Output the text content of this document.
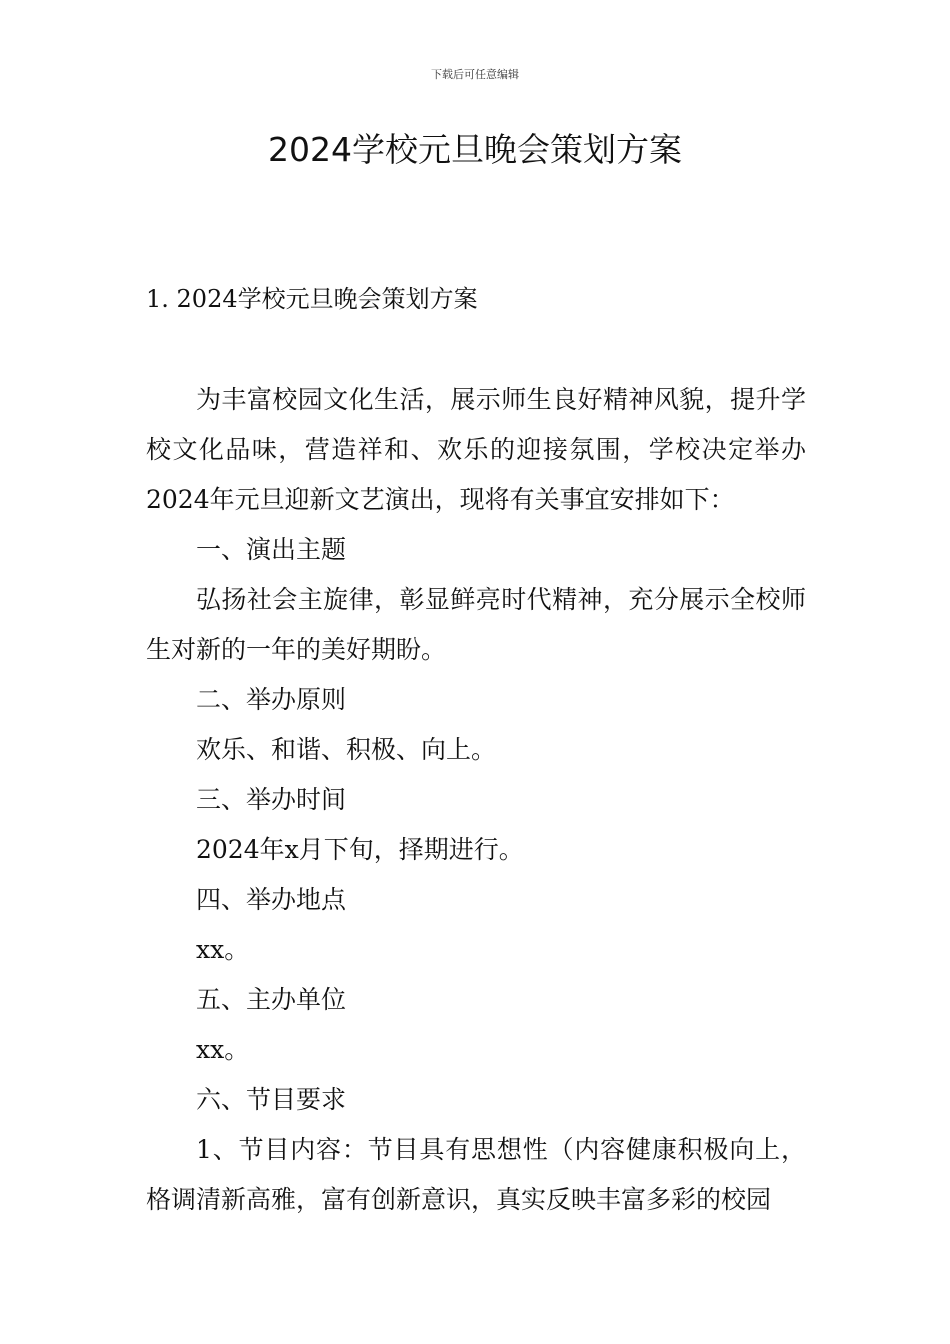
下载后可任意编辑
2024学校元旦晚会策划方案
1. 2024学校元旦晚会策划方案

为丰富校园文化生活，展示师生良好精神风貌，提升学校文化品味，营造祥和、欢乐的迎接氛围，学校决定举办2024年元旦迎新文艺演出，现将有关事宜安排如下：

一、演出主题

弘扬社会主旋律，彰显鲜亮时代精神，充分展示全校师生对新的一年的美好期盼。

二、举办原则

欢乐、和谐、积极、向上。

三、举办时间

2024年x月下旬，择期进行。

四、举办地点

xx。

五、主办单位

xx。

六、节目要求

1、节目内容：节目具有思想性（内容健康积极向上，格调清新高雅，富有创新意识，真实反映丰富多彩的校园
